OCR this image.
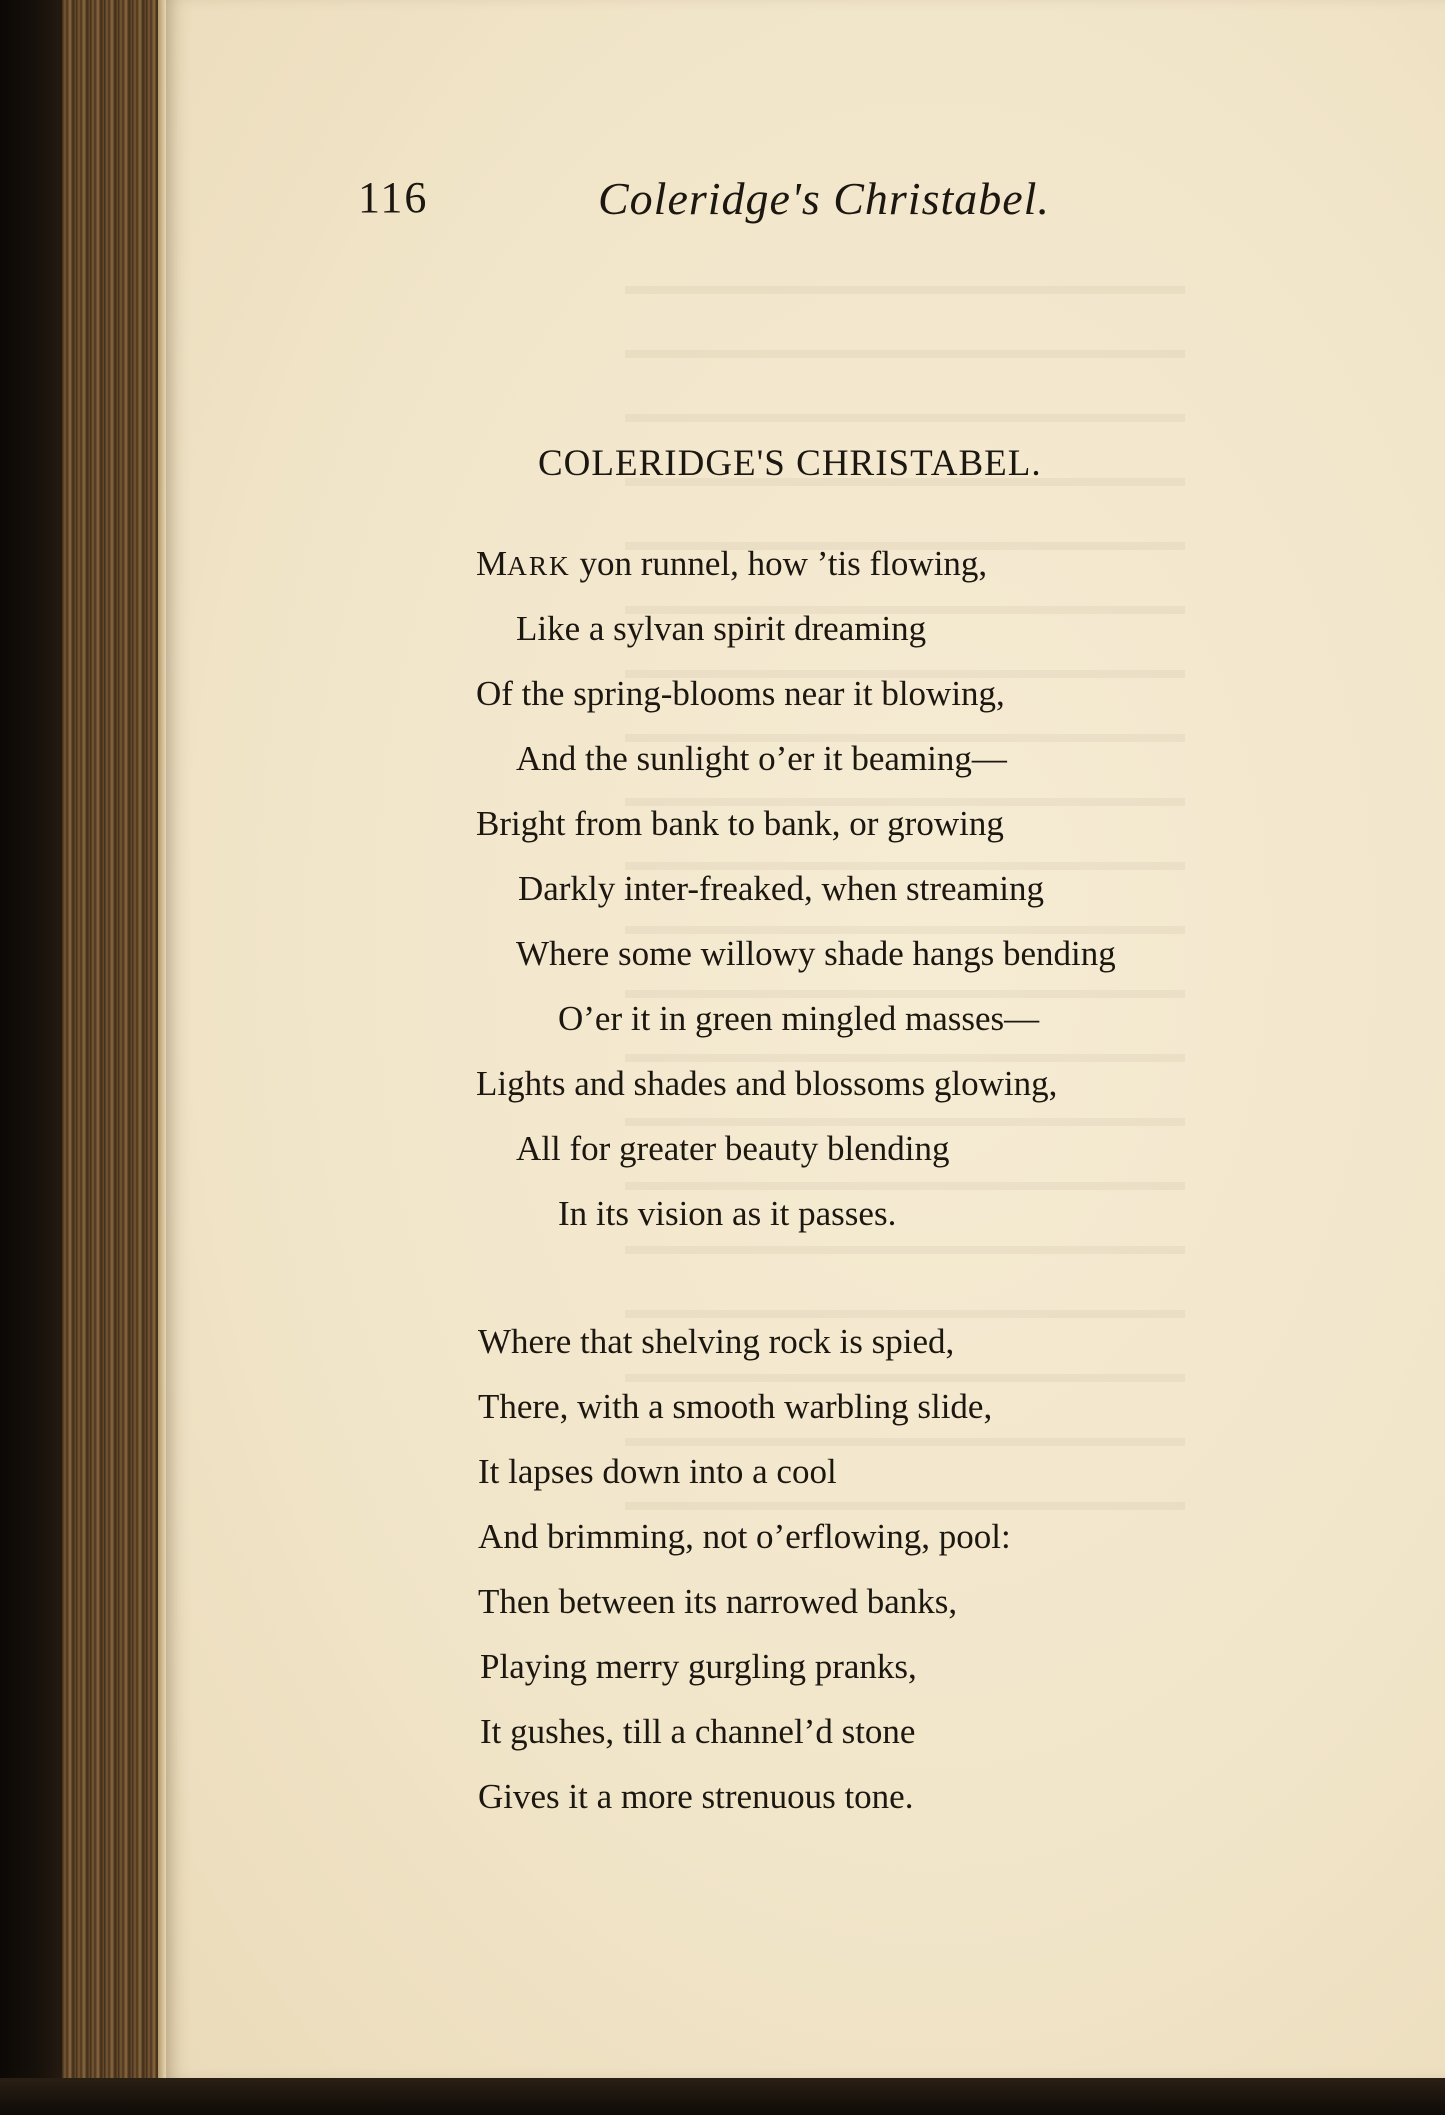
116	Coleridge's Christabel.
COLERIDGE'S CHRISTABEL.
MARK yon runnel, how ’tis flowing,
Like a sylvan spirit dreaming
Of the spring-blooms near it blowing,
And the sunlight o’er it beaming—
Bright from bank to bank, or growing
Darkly inter-freaked, when streaming
Where some willowy shade hangs bending
O’er it in green mingled masses—
Lights and shades and blossoms glowing,
All for greater beauty blending
In its vision as it passes.
Where that shelving rock is spied,
There, with a smooth warbling slide,
It lapses down into a cool
And brimming, not o’erflowing, pool:
Then between its narrowed banks,
Playing merry gurgling pranks,
It gushes, till a channel’d stone
Gives it a more strenuous tone.
